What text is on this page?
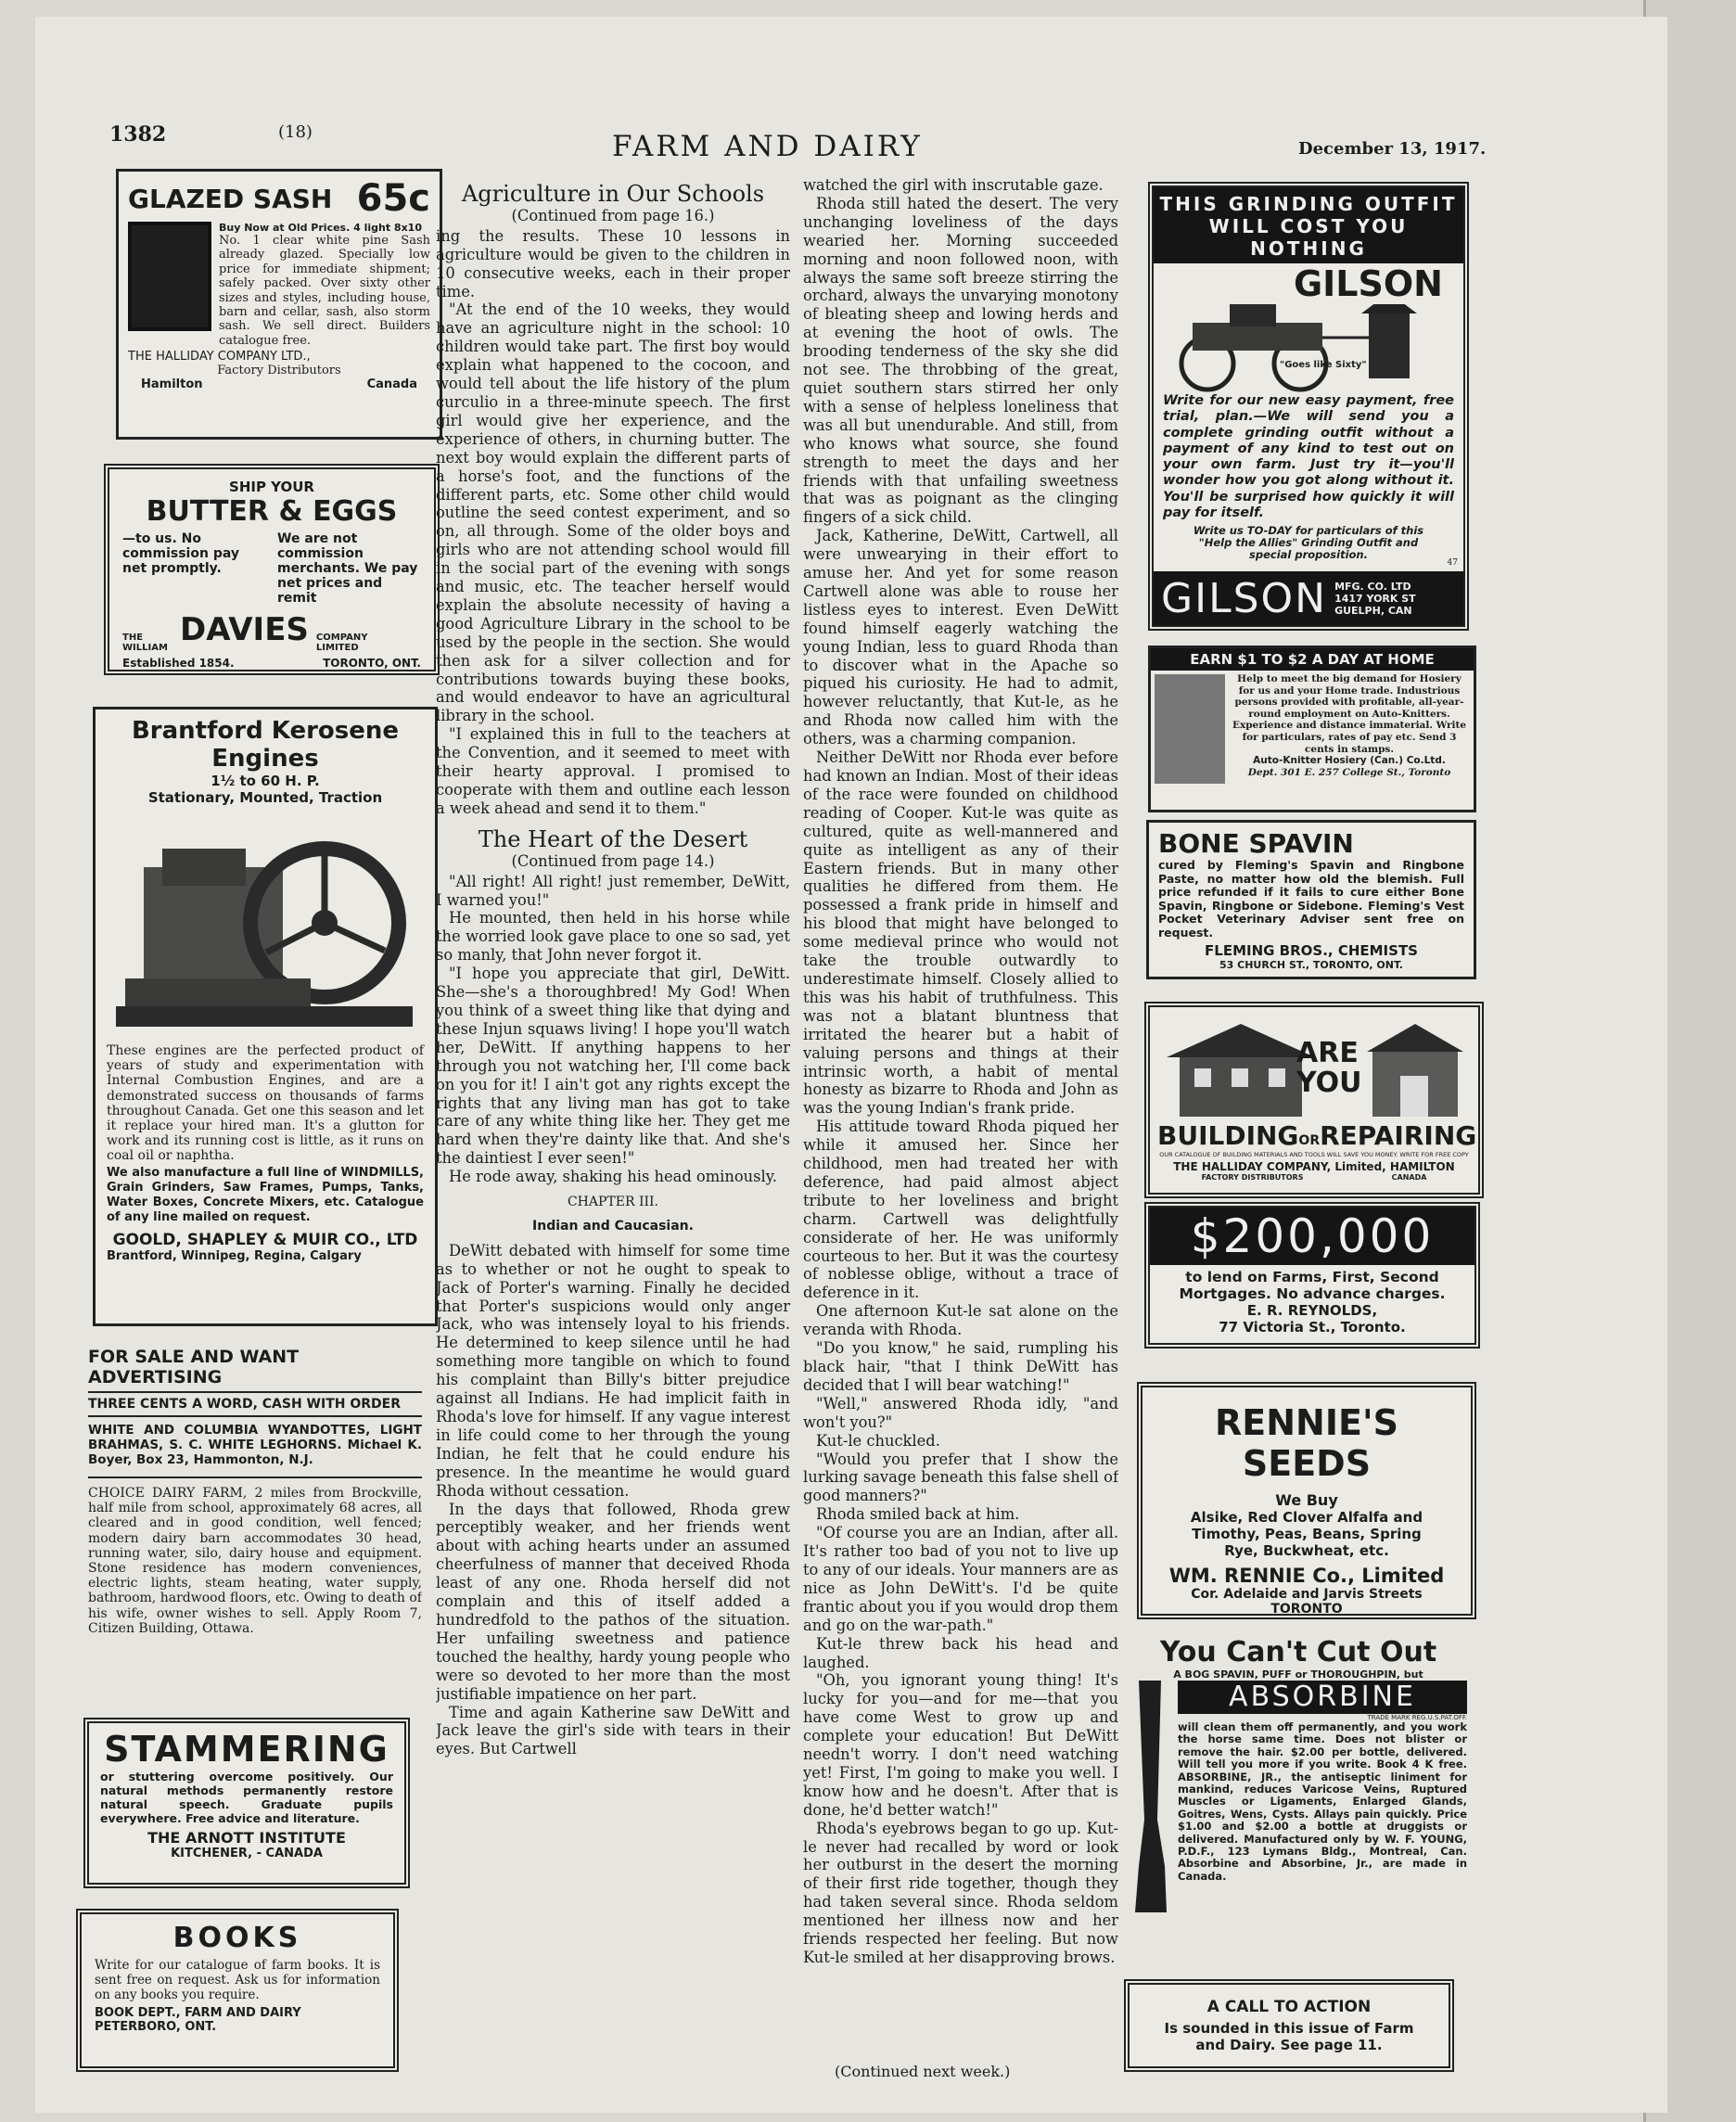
1382	(18)	FARM AND DAIRY	December 13, 1917.
GLAZED SASH 65c
Buy Now at Old Prices. 4 light 8x10
No. 1 clear white pine Sash already glazed. Specially low price for immediate shipment; safely packed. Over sixty other sizes and styles, including house, barn and cellar, sash, also storm sash. We sell direct. Builders catalogue free.
THE HALLIDAY COMPANY LTD.,
Factory Distributors
Hamilton	Canada
SHIP YOUR
BUTTER & EGGS
—to us. No commission pay net promptly.
We are not commission merchants. We pay net prices and remit
THE WILLIAM DAVIES COMPANY LIMITED
Established 1854.	TORONTO, ONT.
Brantford Kerosene Engines
1½ to 60 H. P.
Stationary, Mounted, Traction
These engines are the perfected product of years of study and experimentation with Internal Combustion Engines, and are a demonstrated success on thousands of farms throughout Canada. Get one this season and let it replace your hired man. It's a glutton for work and its running cost is little, as it runs on coal oil or naphtha.
We also manufacture a full line of WINDMILLS, Grain Grinders, Saw Frames, Pumps, Tanks, Water Boxes, Concrete Mixers, etc. Catalogue of any line mailed on request.
GOOLD, SHAPLEY & MUIR CO., LTD
Brantford, Winnipeg, Regina, Calgary
FOR SALE AND WANT ADVERTISING
THREE CENTS A WORD, CASH WITH ORDER
WHITE AND COLUMBIA WYANDOTTES, LIGHT BRAHMAS, S. C. WHITE LEGHORNS. Michael K. Boyer, Box 23, Hammonton, N.J.
CHOICE DAIRY FARM, 2 miles from Brockville, half mile from school, approximately 68 acres, all cleared and in good condition, well fenced; modern dairy barn accommodates 30 head, running water, silo, dairy house and equipment. Stone residence has modern conveniences, electric lights, steam heating, water supply, bathroom, hardwood floors, etc. Owing to death of his wife, owner wishes to sell. Apply Room 7, Citizen Building, Ottawa.
STAMMERING
or stuttering overcome positively. Our natural methods permanently restore natural speech. Graduate pupils everywhere. Free advice and literature.
THE ARNOTT INSTITUTE
KITCHENER, - CANADA
BOOKS
Write for our catalogue of farm books. It is sent free on request. Ask us for information on any books you require.
BOOK DEPT., FARM AND DAIRY
PETERBORO, ONT.
Agriculture in Our Schools
(Continued from page 16.)

ing the results. These 10 lessons in agriculture would be given to the children in 10 consecutive weeks, each in their proper time.

"At the end of the 10 weeks, they would have an agriculture night in the school: 10 children would take part. The first boy would explain what happened to the cocoon, and would tell about the life history of the plum curculio in a three-minute speech. The first girl would give her experience, and the experience of others, in churning butter. The next boy would explain the different parts of a horse's foot, and the functions of the different parts, etc. Some other child would outline the seed contest experiment, and so on, all through. Some of the older boys and girls who are not attending school would fill in the social part of the evening with songs and music, etc. The teacher herself would explain the absolute necessity of having a good Agriculture Library in the school to be used by the people in the section. She would then ask for a silver collection and for contributions towards buying these books, and would endeavor to have an agricultural library in the school.

"I explained this in full to the teachers at the Convention, and it seemed to meet with their hearty approval. I promised to cooperate with them and outline each lesson a week ahead and send it to them."

The Heart of the Desert
(Continued from page 14.)

"All right! All right! just remember, DeWitt, I warned you!"

He mounted, then held in his horse while the worried look gave place to one so sad, yet so manly, that John never forgot it.

"I hope you appreciate that girl, DeWitt. She—she's a thoroughbred! My God! When you think of a sweet thing like that dying and these Injun squaws living! I hope you'll watch her, DeWitt. If anything happens to her through you not watching her, I'll come back on you for it! I ain't got any rights except the rights that any living man has got to take care of any white thing like her. They get me hard when they're dainty like that. And she's the daintiest I ever seen!"

He rode away, shaking his head ominously.

CHAPTER III.
Indian and Caucasian.

DeWitt debated with himself for some time as to whether or not he ought to speak to Jack of Porter's warning. Finally he decided that Porter's suspicions would only anger Jack, who was intensely loyal to his friends. He determined to keep silence until he had something more tangible on which to found his complaint than Billy's bitter prejudice against all Indians. He had implicit faith in Rhoda's love for himself. If any vague interest in life could come to her through the young Indian, he felt that he could endure his presence. In the meantime he would guard Rhoda without cessation.

In the days that followed, Rhoda grew perceptibly weaker, and her friends went about with aching hearts under an assumed cheerfulness of manner that deceived Rhoda least of any one. Rhoda herself did not complain and this of itself added a hundredfold to the pathos of the situation. Her unfailing sweetness and patience touched the healthy, hardy young people who were so devoted to her more than the most justifiable impatience on her part.

Time and again Katherine saw DeWitt and Jack leave the girl's side with tears in their eyes. But Cartwell

watched the girl with inscrutable gaze.

Rhoda still hated the desert. The very unchanging loveliness of the days wearied her. Morning succeeded morning and noon followed noon, with always the same soft breeze stirring the orchard, always the unvarying monotony of bleating sheep and lowing herds and at evening the hoot of owls. The brooding tenderness of the sky she did not see. The throbbing of the great, quiet southern stars stirred her only with a sense of helpless loneliness that was all but unendurable. And still, from who knows what source, she found strength to meet the days and her friends with that unfailing sweetness that was as poignant as the clinging fingers of a sick child.

Jack, Katherine, DeWitt, Cartwell, all were unwearying in their effort to amuse her. And yet for some reason Cartwell alone was able to rouse her listless eyes to interest. Even DeWitt found himself eagerly watching the young Indian, less to guard Rhoda than to discover what in the Apache so piqued his curiosity. He had to admit, however reluctantly, that Kut-le, as he and Rhoda now called him with the others, was a charming companion.

Neither DeWitt nor Rhoda ever before had known an Indian. Most of their ideas of the race were founded on childhood reading of Cooper. Kut-le was quite as cultured, quite as well-mannered and quite as intelligent as any of their Eastern friends. But in many other qualities he differed from them. He possessed a frank pride in himself and his blood that might have belonged to some medieval prince who would not take the trouble outwardly to underestimate himself. Closely allied to this was his habit of truthfulness. This was not a blatant bluntness that irritated the hearer but a habit of valuing persons and things at their intrinsic worth, a habit of mental honesty as bizarre to Rhoda and John as was the young Indian's frank pride.

His attitude toward Rhoda piqued her while it amused her. Since her childhood, men had treated her with deference, had paid almost abject tribute to her loveliness and bright charm. Cartwell was delightfully considerate of her. He was uniformly courteous to her. But it was the courtesy of noblesse oblige, without a trace of deference in it.

One afternoon Kut-le sat alone on the veranda with Rhoda.

"Do you know," he said, rumpling his black hair, "that I think DeWitt has decided that I will bear watching!"

"Well," answered Rhoda idly, "and won't you?"

Kut-le chuckled.

"Would you prefer that I show the lurking savage beneath this false shell of good manners?"

Rhoda smiled back at him.

"Of course you are an Indian, after all. It's rather too bad of you not to live up to any of our ideals. Your manners are as nice as John DeWitt's. I'd be quite frantic about you if you would drop them and go on the war-path."

Kut-le threw back his head and laughed.

"Oh, you ignorant young thing! It's lucky for you—and for me—that you have come West to grow up and complete your education! But DeWitt needn't worry. I don't need watching yet! First, I'm going to make you well. I know how and he doesn't. After that is done, he'd better watch!"

Rhoda's eyebrows began to go up. Kut-le never had recalled by word or look her outburst in the desert the morning of their first ride together, though they had taken several since. Rhoda seldom mentioned her illness now and her friends respected her feeling. But now Kut-le smiled at her disapproving brows.

(Continued next week.)
THIS GRINDING OUTFIT
WILL COST YOU NOTHING
GILSON
"Goes like Sixty"
Write for our new easy payment, free trial, plan.—We will send you a complete grinding outfit without a payment of any kind to test out on your own farm. Just try it—you'll wonder how you got along without it. You'll be surprised how quickly it will pay for itself.
Write us TO-DAY for particulars of this "Help the Allies" Grinding Outfit and special proposition.
GILSON MFG. CO. LTD
1417 YORK ST
GUELPH, CAN
47
EARN $1 TO $2 A DAY AT HOME
Help to meet the big demand for Hosiery for us and your Home trade. Industrious persons provided with profitable, all-year-round employment on Auto-Knitters. Experience and distance immaterial. Write for particulars, rates of pay etc. Send 3 cents in stamps.
Auto-Knitter Hosiery (Can.) Co.Ltd.
Dept. 301 E. 257 College St., Toronto
BONE SPAVIN
cured by Fleming's Spavin and Ringbone Paste, no matter how old the blemish. Full price refunded if it fails to cure either Bone Spavin, Ringbone or Sidebone. Fleming's Vest Pocket Veterinary Adviser sent free on request.
FLEMING BROS., CHEMISTS
53 CHURCH ST., TORONTO, ONT.
ARE YOU
BUILDINGORREPAIRING
OUR CATALOGUE OF BUILDING MATERIALS AND TOOLS WILL SAVE YOU MONEY. WRITE FOR FREE COPY
THE HALLIDAY COMPANY, Limited, HAMILTON
FACTORY DISTRIBUTORS	CANADA
$200,000
to lend on Farms, First, Second Mortgages. No advance charges.
E. R. REYNOLDS,
77 Victoria St., Toronto.
RENNIE'S SEEDS
We Buy
Alsike, Red Clover Alfalfa and Timothy, Peas, Beans, Spring Rye, Buckwheat, etc.
WM. RENNIE Co., Limited
Cor. Adelaide and Jarvis Streets
TORONTO
You Can't Cut Out
A BOG SPAVIN, PUFF or THOROUGHPIN, but
ABSORBINE
TRADE MARK REG.U.S.PAT.OFF.
will clean them off permanently, and you work the horse same time. Does not blister or remove the hair. $2.00 per bottle, delivered. Will tell you more if you write. Book 4 K free. ABSORBINE, JR., the antiseptic liniment for mankind, reduces Varicose Veins, Ruptured Muscles or Ligaments, Enlarged Glands, Goitres, Wens, Cysts. Allays pain quickly. Price $1.00 and $2.00 a bottle at druggists or delivered. Manufactured only by W. F. YOUNG, P.D.F., 123 Lymans Bldg., Montreal, Can. Absorbine and Absorbine, Jr., are made in Canada.
A CALL TO ACTION
Is sounded in this issue of Farm and Dairy. See page 11.
